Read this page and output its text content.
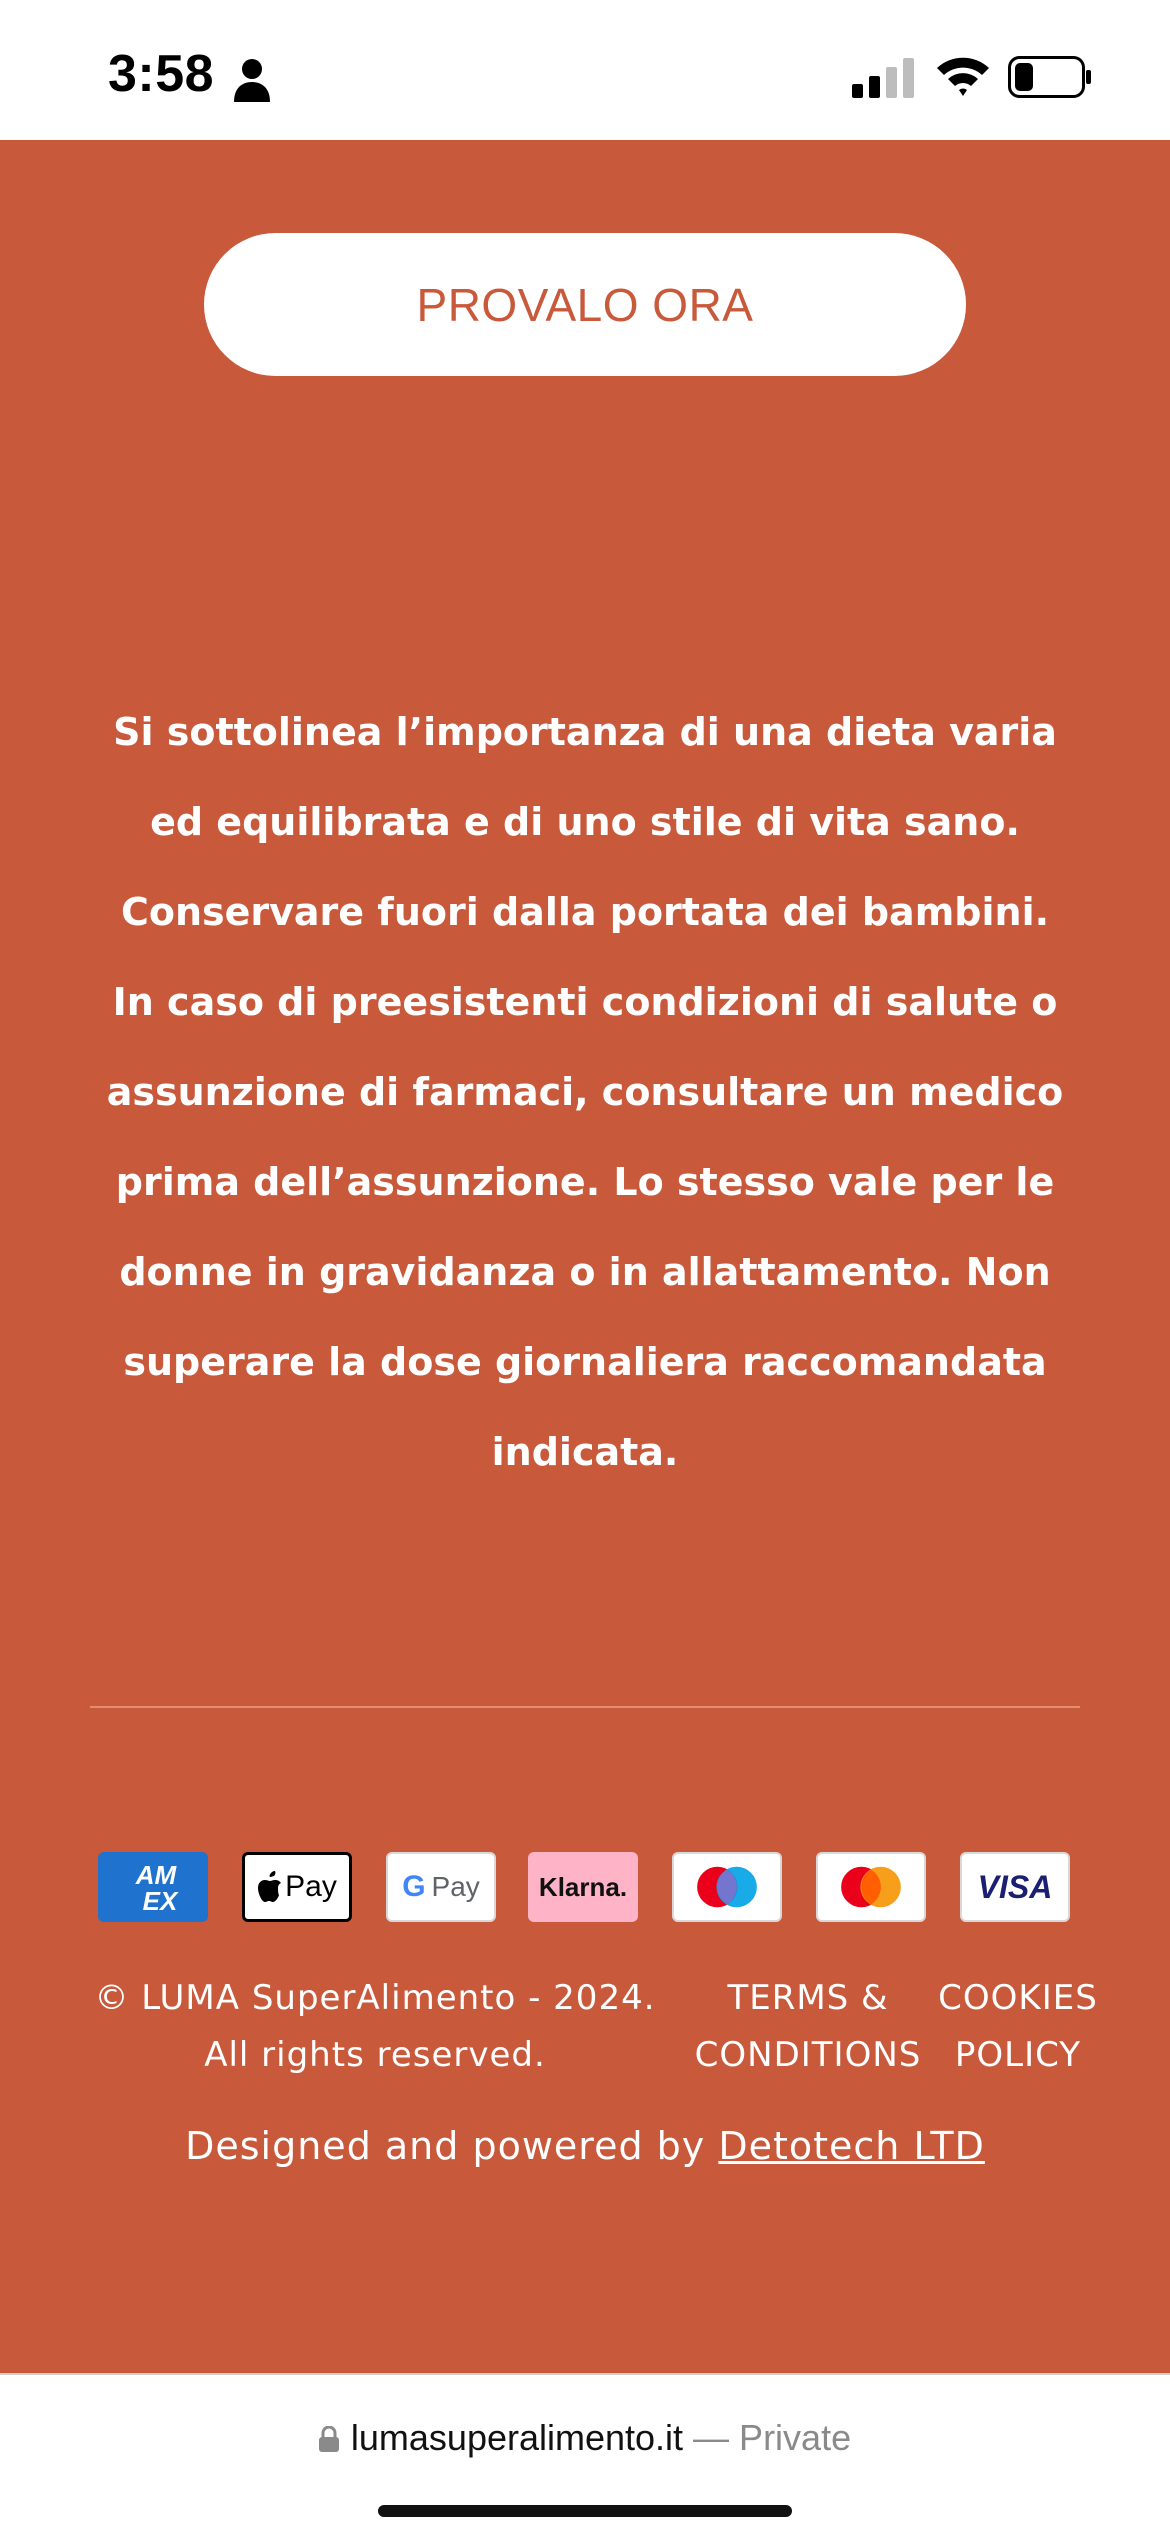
3:58
PROVALO ORA

Si sottolinea l’importanza di una dieta varia ed equilibrata e di uno stile di vita sano. Conservare fuori dalla portata dei bambini. In caso di preesistenti condizioni di salute o assunzione di farmaci, consultare un medico prima dell’assunzione. Lo stesso vale per le donne in gravidanza o in allattamento. Non superare la dose giornaliera raccomandata indicata.

AM
EX	Pay G Pay Klarna.	VISA
© LUMA SuperAlimento - 2024. All rights reserved.
TERMS & CONDITIONS
COOKIES POLICY
Designed and powered by Detotech LTD
lumasuperalimento.it — Private
